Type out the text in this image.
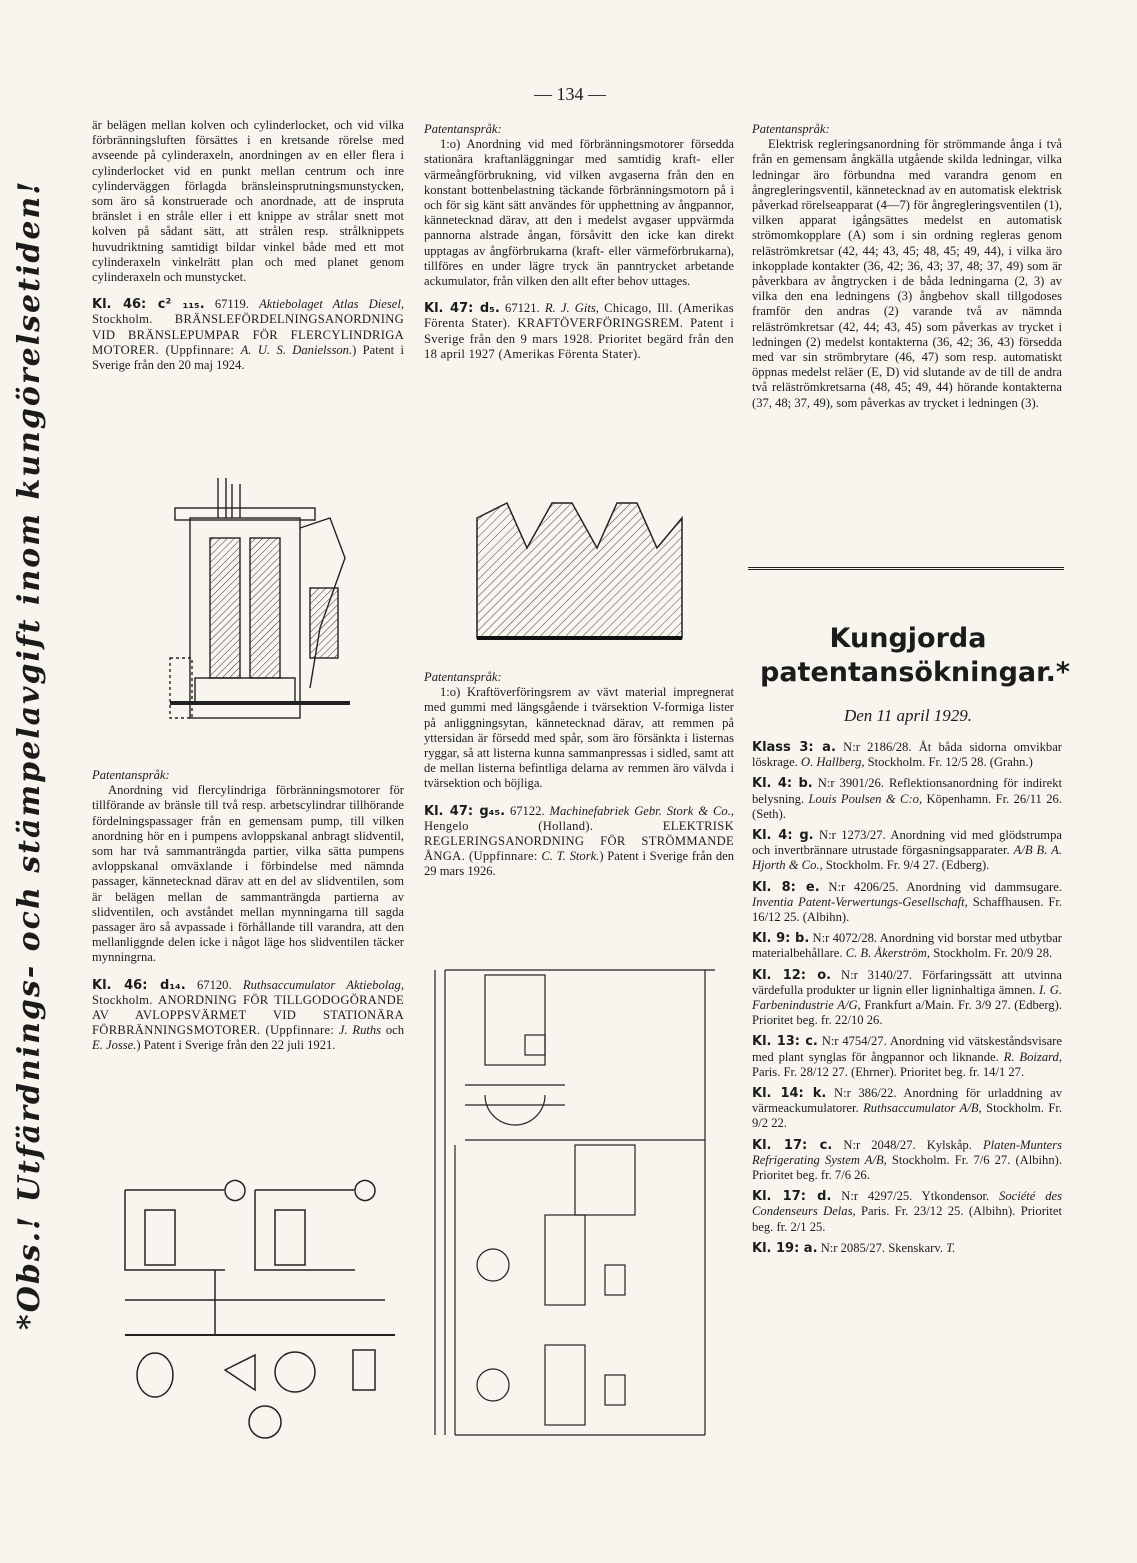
— 134 —
*Obs.! Utfärdnings- och stämpelavgift inom kungörelsetiden!

är belägen mellan kolven och cylinderlocket, och vid vilka förbränningsluften försättes i en kretsande rörelse med avseende på cylinderaxeln, anordningen av en eller flera i cylinderlocket vid en punkt mellan centrum och inre cylinderväggen förlagda bränsleinsprutningsmunstycken, som äro så konstruerade och anordnade, att de inspruta bränslet i en stråle eller i ett knippe av strålar snett mot kolven på sådant sätt, att strålen resp. strålknippets huvudriktning samtidigt bildar vinkel både med ett mot cylinderaxeln vinkelrätt plan och med planet genom cylinderaxeln och munstycket.

Kl. 46: c² ₁₁₅. 67119. Aktiebolaget Atlas Diesel, Stockholm. BRÄNSLEFÖRDELNINGSANORDNING VID BRÄNSLEPUMPAR FÖR FLERCYLINDRIGA MOTORER. (Uppfinnare: A. U. S. Danielsson.) Patent i Sverige från den 20 maj 1924.

Patentanspråk:

Anordning vid flercylindriga förbränningsmotorer för tillförande av bränsle till två resp. arbetscylindrar tillhörande fördelningspassager från en gemensam pump, till vilken anordning hör en i pumpens avloppskanal anbragt slidventil, som har två sammanträngda partier, vilka sätta pumpens avloppskanal omväxlande i förbindelse med nämnda passager, kännetecknad därav att en del av slidventilen, som är belägen mellan de sammanträngda partierna av slidventilen, och avståndet mellan mynningarna till sagda passager äro så avpassade i förhållande till varandra, att den mellanliggnde delen icke i något läge hos slidventilen täcker mynningrna.

Kl. 46: d₁₄. 67120. Ruthsaccumulator Aktiebolag, Stockholm. ANORDNING FÖR TILLGODOGÖRANDE AV AVLOPPSVÄRMET VID STATIONÄRA FÖRBRÄNNINGSMOTORER. (Uppfinnare: J. Ruths och E. Josse.) Patent i Sverige från den 22 juli 1921.

Patentanspråk:

1:o) Anordning vid med förbränningsmotorer försedda stationära kraftanläggningar med samtidig kraft- eller värmeångförbrukning, vid vilken avgaserna från den en konstant bottenbelastning täckande förbränningsmotorn på i och för sig känt sätt användes för upphettning av ångpannor, kännetecknad därav, att den i medelst avgaser uppvärmda pannorna alstrade ångan, försåvitt den icke kan direkt upptagas av ångförbrukarna (kraft- eller värmeförbrukarna), tillföres en under lägre tryck än panntrycket arbetande ackumulator, från vilken den allt efter behov uttages.

Kl. 47: d₅. 67121. R. J. Gits, Chicago, Ill. (Amerikas Förenta Stater). KRAFTÖVERFÖRINGSREM. Patent i Sverige från den 9 mars 1928. Prioritet begärd från den 18 april 1927 (Amerikas Förenta Stater).

Patentanspråk:

1:o) Kraftöverföringsrem av vävt material impregnerat med gummi med längsgående i tvärsektion V-formiga lister på anliggningsytan, kännetecknad därav, att remmen på yttersidan är försedd med spår, som äro försänkta i listernas ryggar, så att listerna kunna sammanpressas i sidled, samt att de mellan listerna befintliga delarna av remmen äro välvda i tvärsektion och böjliga.

Kl. 47: g₄₅. 67122. Machinefabriek Gebr. Stork & Co., Hengelo (Holland). ELEKTRISK REGLERINGSANORDNING FÖR STRÖMMANDE ÅNGA. (Uppfinnare: C. T. Stork.) Patent i Sverige från den 29 mars 1926.

Patentanspråk:

Elektrisk regleringsanordning för strömmande ånga i två från en gemensam ångkälla utgående skilda ledningar, vilka ledningar äro förbundna med varandra genom en ångregleringsventil, kännetecknad av en automatisk elektrisk påverkad rörelseapparat (4—7) för ångregleringsventilen (1), vilken apparat igångsättes medelst en automatisk strömomkopplare (A) som i sin ordning regleras genom reläströmkretsar (42, 44; 43, 45; 48, 45; 49, 44), i vilka äro inkopplade kontakter (36, 42; 36, 43; 37, 48; 37, 49) som är påverkbara av ångtrycken i de båda ledningarna (2, 3) av vilka den ena ledningens (3) ångbehov skall tillgodoses framför den andras (2) varande två av nämnda reläströmkretsar (42, 44; 43, 45) som påverkas av trycket i ledningen (2) medelst kontakterna (36, 42; 36, 43) försedda med var sin strömbrytare (46, 47) som resp. automatiskt öppnas medelst reläer (E, D) vid slutande av de till de andra två reläströmkretsarna (48, 45; 49, 44) hörande kontakterna (37, 48; 37, 49), som påverkas av trycket i ledningen (3).

Kungjorda patentansökningar.*
Den 11 april 1929.

Klass 3: a. N:r 2186/28. Åt båda sidorna omvikbar löskrage. O. Hallberg, Stockholm. Fr. 12/5 28. (Grahn.)

Kl. 4: b. N:r 3901/26. Reflektionsanordning för indirekt belysning. Louis Poulsen & C:o, Köpenhamn. Fr. 26/11 26. (Seth).

Kl. 4: g. N:r 1273/27. Anordning vid med glödstrumpa och invertbrännare utrustade förgasningsapparater. A/B B. A. Hjorth & Co., Stockholm. Fr. 9/4 27. (Edberg).

Kl. 8: e. N:r 4206/25. Anordning vid dammsugare. Inventia Patent-Verwertungs-Gesellschaft, Schaffhausen. Fr. 16/12 25. (Albihn).

Kl. 9: b. N:r 4072/28. Anordning vid borstar med utbytbar materialbehållare. C. B. Åkerström, Stockholm. Fr. 20/9 28.

Kl. 12: o. N:r 3140/27. Förfaringssätt att utvinna värdefulla produkter ur lignin eller ligninhaltiga ämnen. I. G. Farbenindustrie A/G, Frankfurt a/Main. Fr. 3/9 27. (Edberg). Prioritet beg. fr. 22/10 26.

Kl. 13: c. N:r 4754/27. Anordning vid vätskeståndsvisare med plant synglas för ångpannor och liknande. R. Boizard, Paris. Fr. 28/12 27. (Ehrner). Prioritet beg. fr. 14/1 27.

Kl. 14: k. N:r 386/22. Anordning för urladdning av värmeackumulatorer. Ruthsaccumulator A/B, Stockholm. Fr. 9/2 22.

Kl. 17: c. N:r 2048/27. Kylskåp. Platen-Munters Refrigerating System A/B, Stockholm. Fr. 7/6 27. (Albihn). Prioritet beg. fr. 7/6 26.

Kl. 17: d. N:r 4297/25. Ytkondensor. Société des Condenseurs Delas, Paris. Fr. 23/12 25. (Albihn). Prioritet beg. fr. 2/1 25.

Kl. 19: a. N:r 2085/27. Skenskarv. T.
